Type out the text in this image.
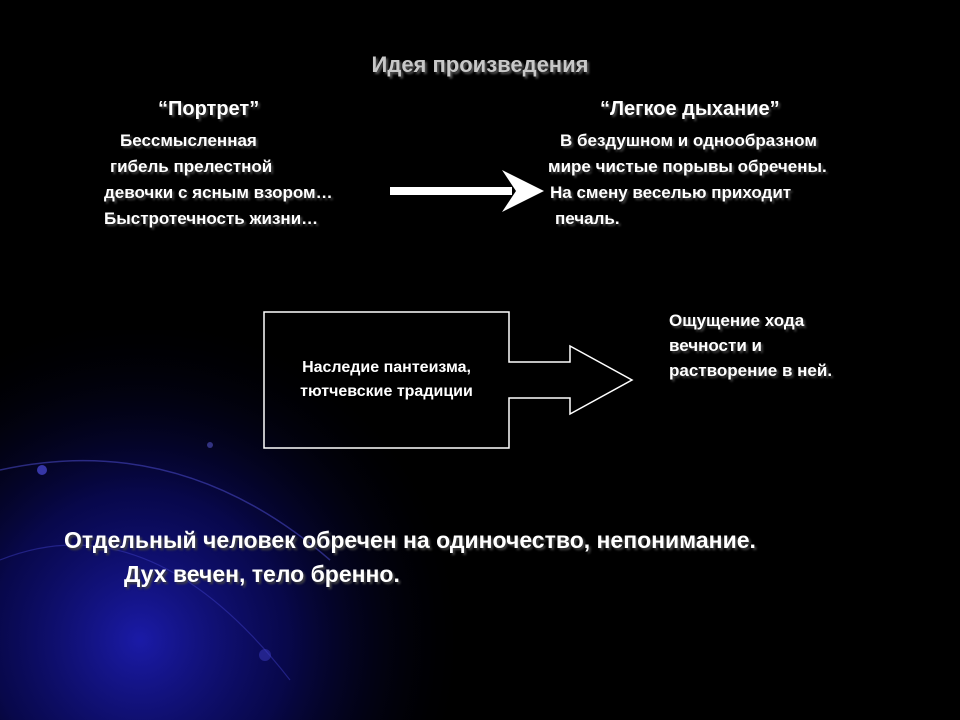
Идея произведения
“Портрет”
Бессмысленная
гибель прелестной
девочки с ясным взором…
Быстротечность жизни…
“Легкое дыхание”
В бездушном и однообразном
мире чистые порывы обречены.
На смену веселью приходит
печаль.
Наследие пантеизма,
тютчевские традиции
Ощущение хода
вечности и
растворение в ней.
Отдельный человек обречен на одиночество, непонимание.
Дух вечен, тело бренно.
